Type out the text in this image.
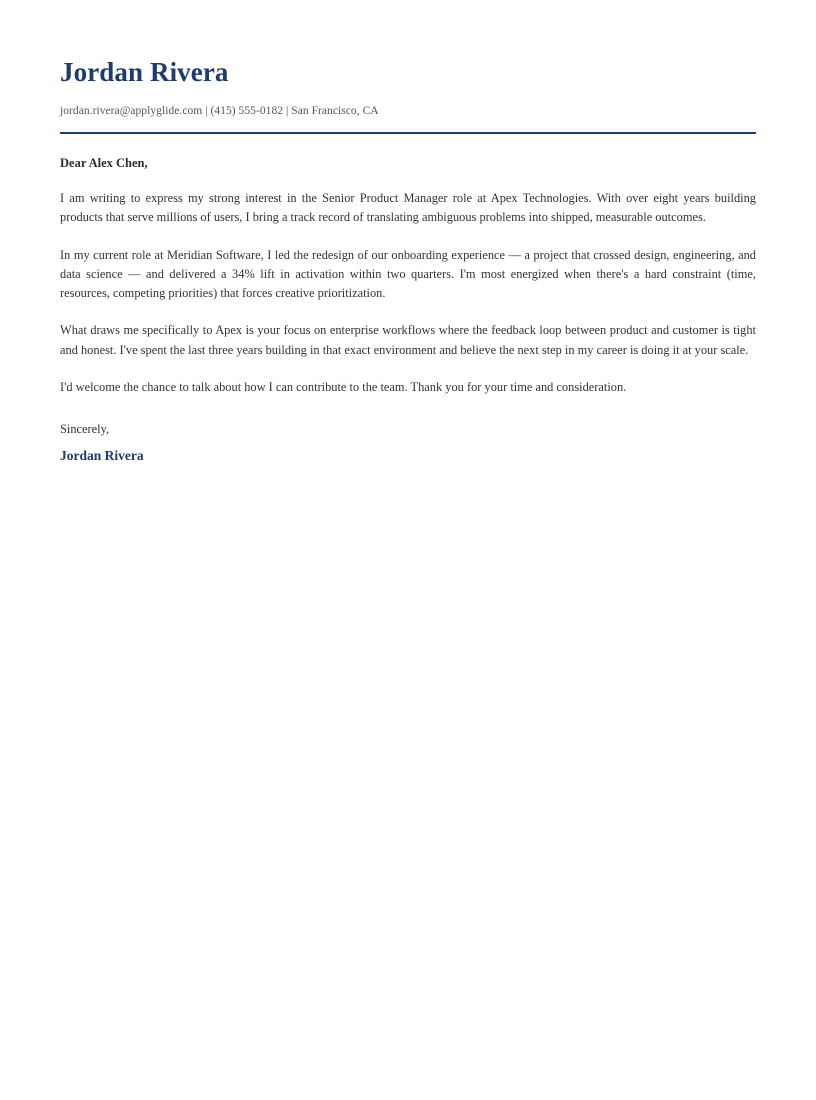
Jordan Rivera

jordan.rivera@applyglide.com | (415) 555-0182 | San Francisco, CA

Dear Alex Chen,

I am writing to express my strong interest in the Senior Product Manager role at Apex Technologies. With over eight years building products that serve millions of users, I bring a track record of translating ambiguous problems into shipped, measurable outcomes.

In my current role at Meridian Software, I led the redesign of our onboarding experience — a project that crossed design, engineering, and data science — and delivered a 34% lift in activation within two quarters. I'm most energized when there's a hard constraint (time, resources, competing priorities) that forces creative prioritization.

What draws me specifically to Apex is your focus on enterprise workflows where the feedback loop between product and customer is tight and honest. I've spent the last three years building in that exact environment and believe the next step in my career is doing it at your scale.

I'd welcome the chance to talk about how I can contribute to the team. Thank you for your time and consideration.

Sincerely,

Jordan Rivera
